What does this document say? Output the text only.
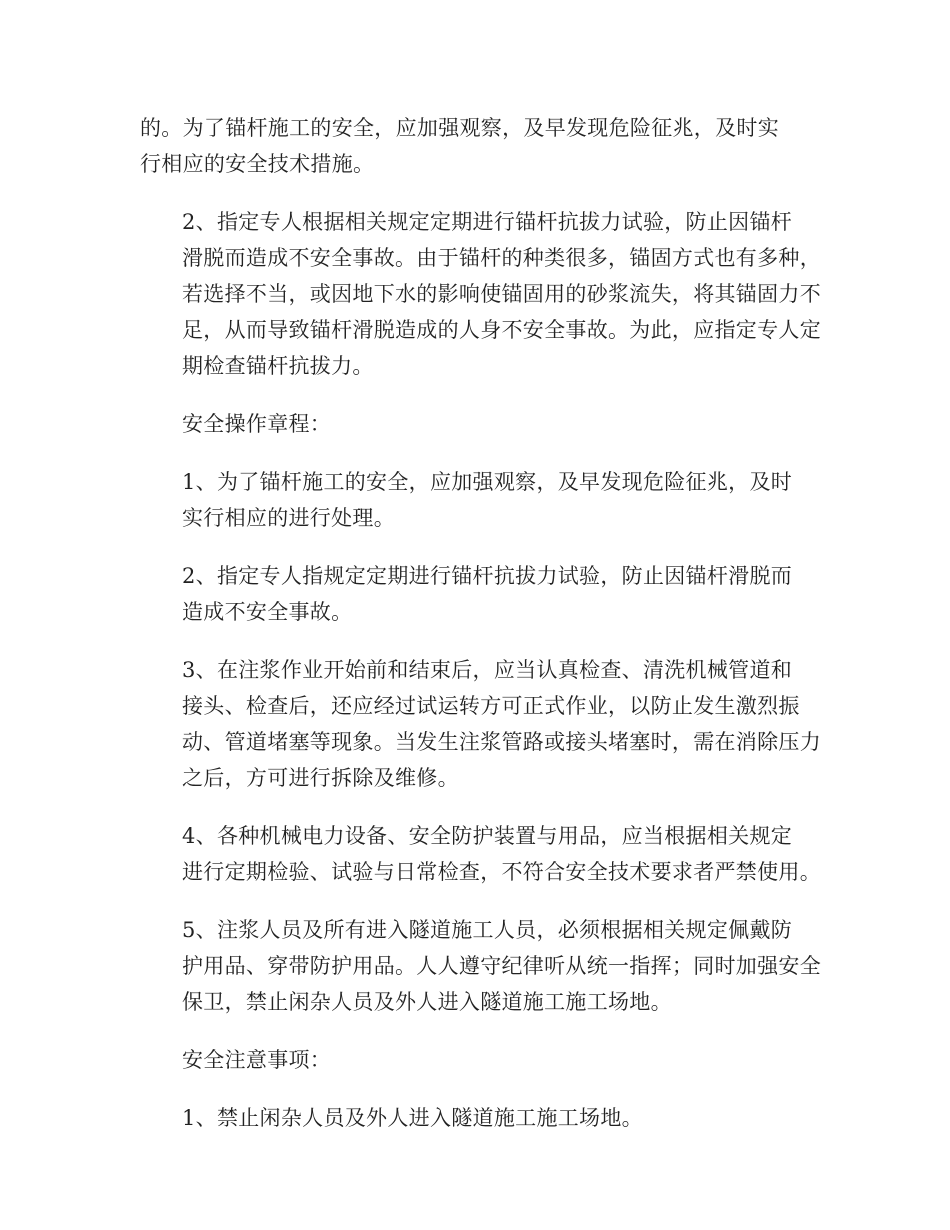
的。为了锚杆施工的安全，应加强观察，及早发现危险征兆，及时实
行相应的安全技术措施。

2、指定专人根据相关规定定期进行锚杆抗拔力试验，防止因锚杆
滑脱而造成不安全事故。由于锚杆的种类很多，锚固方式也有多种，
若选择不当，或因地下水的影响使锚固用的砂浆流失，将其锚固力不
足，从而导致锚杆滑脱造成的人身不安全事故。为此，应指定专人定
期检查锚杆抗拔力。

安全操作章程：

1、为了锚杆施工的安全，应加强观察，及早发现危险征兆，及时
实行相应的进行处理。

2、指定专人指规定定期进行锚杆抗拔力试验，防止因锚杆滑脱而
造成不安全事故。

3、在注浆作业开始前和结束后，应当认真检查、清洗机械管道和
接头、检查后，还应经过试运转方可正式作业，以防止发生激烈振
动、管道堵塞等现象。当发生注浆管路或接头堵塞时，需在消除压力
之后，方可进行拆除及维修。

4、各种机械电力设备、安全防护装置与用品，应当根据相关规定
进行定期检验、试验与日常检查，不符合安全技术要求者严禁使用。

5、注浆人员及所有进入隧道施工人员，必须根据相关规定佩戴防
护用品、穿带防护用品。人人遵守纪律听从统一指挥；同时加强安全
保卫，禁止闲杂人员及外人进入隧道施工施工场地。

安全注意事项：

1、禁止闲杂人员及外人进入隧道施工施工场地。
